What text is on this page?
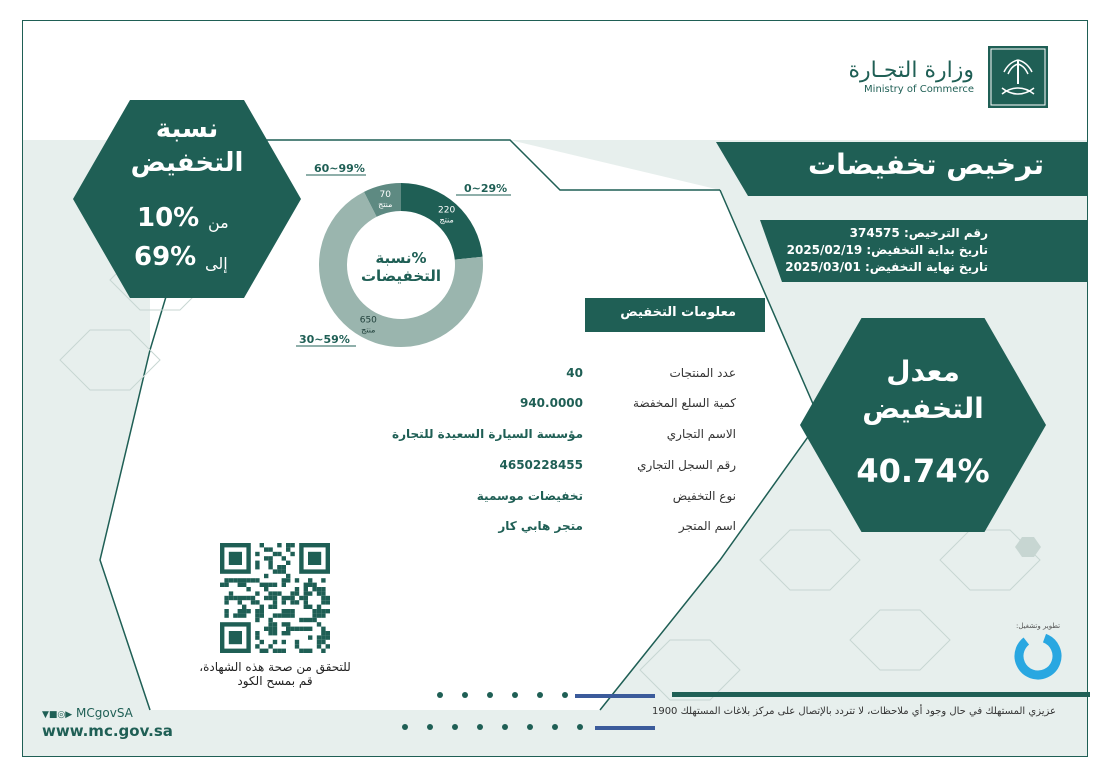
وزارة التجـارة
Ministry of Commerce
ترخيص تخفيضات
رقم الترخيص: 374575
تاريخ بداية التخفيض: 2025/02/19
تاريخ نهاية التخفيض: 2025/03/01
نسبة
التخفيض
10% من
69% إلى
220
منتج
650
منتج
70
منتج
نسبة%
التخفيضات
0~29%
30~59%
60~99%
معلومات التخفيض
عدد المنتجات
40
كمية السلع المخفضة
940.0000
الاسم التجاري
مؤسسة السيارة السعيدة للتجارة
رقم السجل التجاري
4650228455
نوع التخفيض
تخفيضات موسمية
اسم المتجر
متجر هابي كار
معدل
التخفيض
40.74%
للتحقق من صحة هذه الشهادة،
قم بمسح الكود
عزيزي المستهلك في حال وجود أي ملاحظات، لا تتردد بالإتصال على مركز بلاغات المستهلك 1900
▼■◎▶ MCgovSA
www.mc.gov.sa
تطوير وتشغيل:
